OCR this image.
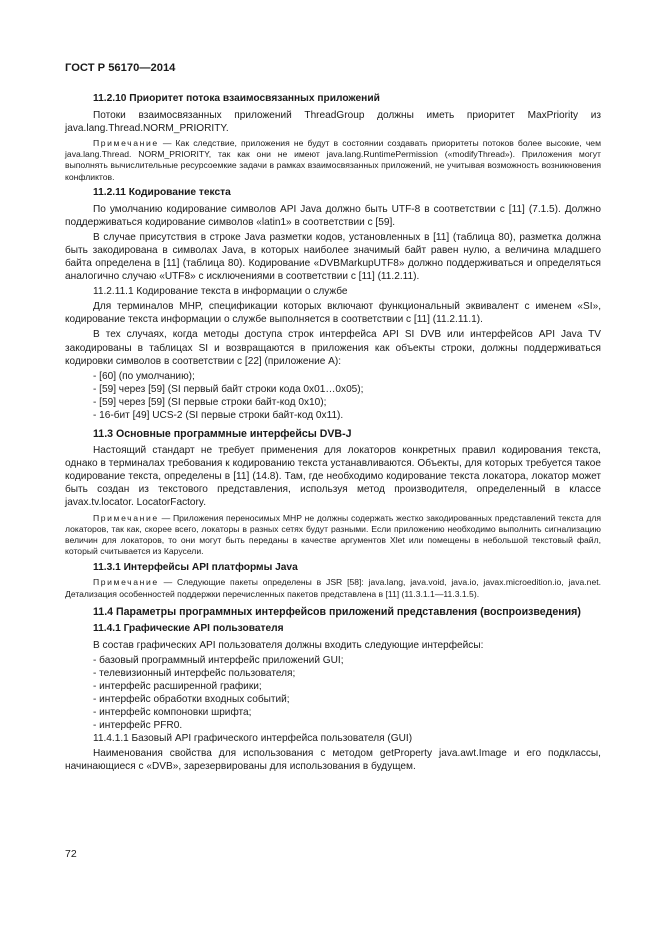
ГОСТ Р 56170—2014
11.2.10 Приоритет потока взаимосвязанных приложений
Потоки взаимосвязанных приложений ThreadGroup должны иметь приоритет MaxPriority из java.lang.Thread.NORM_PRIORITY.
Примечание — Как следствие, приложения не будут в состоянии создавать приоритеты потоков более высокие, чем java.lang.Thread. NORM_PRIORITY, так как они не имеют java.lang.RuntimePermission («modifyThread»). Приложения могут выполнять вычислительные ресурсоемкие задачи в рамках взаимосвязанных приложений, не учитывая возможность возникновения конфликтов.
11.2.11 Кодирование текста
По умолчанию кодирование символов API Java должно быть UTF-8 в соответствии с [11] (7.1.5). Должно поддерживаться кодирование символов «latin1» в соответствии с [59].
В случае присутствия в строке Java разметки кодов, установленных в [11] (таблица 80), разметка должна быть закодирована в символах Java, в которых наиболее значимый байт равен нулю, а величина младшего байта определена в [11] (таблица 80). Кодирование «DVBMarkupUTF8» должно поддерживаться и определяться аналогично случаю «UTF8» с исключениями в соответствии с [11] (11.2.11).
11.2.11.1 Кодирование текста в информации о службе
Для терминалов MHP, спецификации которых включают функциональный эквивалент с именем «SI», кодирование текста информации о службе выполняется в соответствии с [11] (11.2.11.1).
В тех случаях, когда методы доступа строк интерфейса API SI DVB или интерфейсов API Java TV закодированы в таблицах SI и возвращаются в приложения как объекты строки, должны поддерживаться кодировки символов в соответствии с [22] (приложение А):
- [60] (по умолчанию);
- [59] через [59] (SI первый байт строки кода 0x01…0x05);
- [59] через [59] (SI первые строки байт-код 0x10);
- 16-бит [49] UCS-2 (SI первые строки байт-код 0x11).
11.3 Основные программные интерфейсы DVB-J
Настоящий стандарт не требует применения для локаторов конкретных правил кодирования текста, однако в терминалах требования к кодированию текста устанавливаются. Объекты, для которых требуется такое кодирование текста, определены в [11] (14.8). Там, где необходимо кодирование текста локатора, локатор может быть создан из текстового представления, используя метод производителя, определенный в классе javax.tv.locator. LocatorFactory.
Примечание — Приложения переносимых MHP не должны содержать жестко закодированных представлений текста для локаторов, так как, скорее всего, локаторы в разных сетях будут разными. Если приложению необходимо выполнить сигнализацию величин для локаторов, то они могут быть переданы в качестве аргументов Xlet или помещены в небольшой текстовый файл, который считывается из Карусели.
11.3.1 Интерфейсы API платформы Java
Примечание — Следующие пакеты определены в JSR [58]: java.lang, java.void, java.io, javax.microedition.io, java.net. Детализация особенностей поддержки перечисленных пакетов представлена в [11] (11.3.1.1—11.3.1.5).
11.4 Параметры программных интерфейсов приложений представления (воспроизведения)
11.4.1 Графические API пользователя
В состав графических API пользователя должны входить следующие интерфейсы:
- базовый программный интерфейс приложений GUI;
- телевизионный интерфейс пользователя;
- интерфейс расширенной графики;
- интерфейс обработки входных событий;
- интерфейс компоновки шрифта;
- интерфейс PFR0.
11.4.1.1 Базовый API графического интерфейса пользователя (GUI)
Наименования свойства для использования с методом getProperty java.awt.Image и его подклассы, начинающиеся с «DVB», зарезервированы для использования в будущем.
72
